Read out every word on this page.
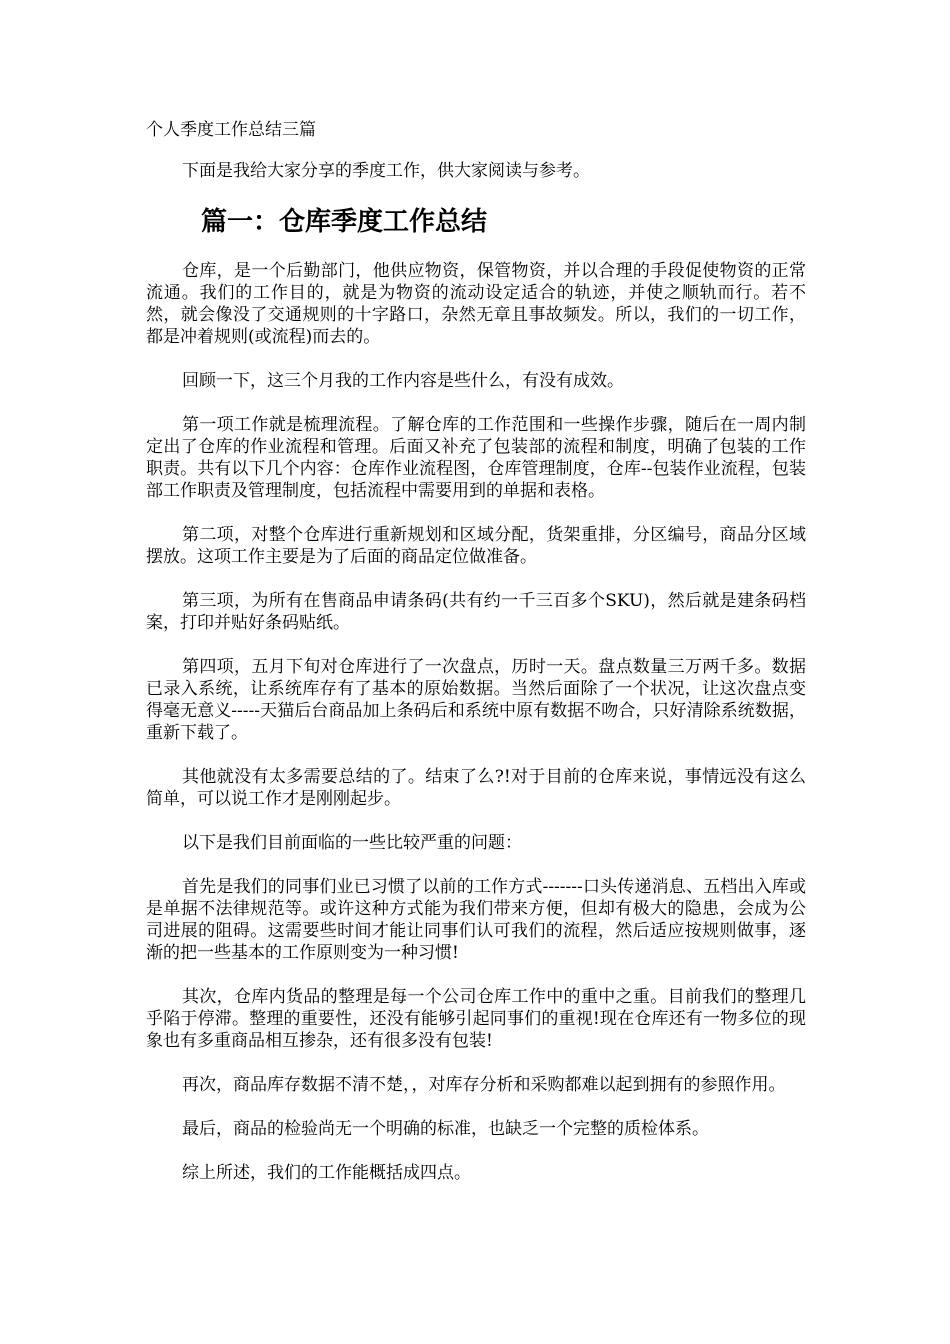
个人季度工作总结三篇

下面是我给大家分享的季度工作，供大家阅读与参考。

篇一：仓库季度工作总结

仓库，是一个后勤部门，他供应物资，保管物资，并以合理的手段促使物资的正常流通。我们的工作目的，就是为物资的流动设定适合的轨迹，并使之顺轨而行。若不然，就会像没了交通规则的十字路口，杂然无章且事故频发。所以，我们的一切工作，都是冲着规则(或流程)而去的。

回顾一下，这三个月我的工作内容是些什么，有没有成效。

第一项工作就是梳理流程。了解仓库的工作范围和一些操作步骤，随后在一周内制定出了仓库的作业流程和管理。后面又补充了包装部的流程和制度，明确了包装的工作职责。共有以下几个内容：仓库作业流程图，仓库管理制度，仓库--包装作业流程，包装部工作职责及管理制度，包括流程中需要用到的单据和表格。

第二项，对整个仓库进行重新规划和区域分配，货架重排，分区编号，商品分区域摆放。这项工作主要是为了后面的商品定位做准备。

第三项，为所有在售商品申请条码(共有约一千三百多个SKU)，然后就是建条码档案，打印并贴好条码贴纸。

第四项，五月下旬对仓库进行了一次盘点，历时一天。盘点数量三万两千多。数据已录入系统，让系统库存有了基本的原始数据。当然后面除了一个状况，让这次盘点变得毫无意义-----天猫后台商品加上条码后和系统中原有数据不吻合，只好清除系统数据，重新下载了。

其他就没有太多需要总结的了。结束了么?!对于目前的仓库来说，事情远没有这么简单，可以说工作才是刚刚起步。

以下是我们目前面临的一些比较严重的问题：

首先是我们的同事们业已习惯了以前的工作方式-------口头传递消息、五档出入库或是单据不法律规范等。或许这种方式能为我们带来方便，但却有极大的隐患，会成为公司进展的阻碍。这需要些时间才能让同事们认可我们的流程，然后适应按规则做事，逐渐的把一些基本的工作原则变为一种习惯!

其次，仓库内货品的整理是每一个公司仓库工作中的重中之重。目前我们的整理几乎陷于停滞。整理的重要性，还没有能够引起同事们的重视!现在仓库还有一物多位的现象也有多重商品相互掺杂，还有很多没有包装!

再次，商品库存数据不清不楚，，对库存分析和采购都难以起到拥有的参照作用。

最后，商品的检验尚无一个明确的标准，也缺乏一个完整的质检体系。

综上所述，我们的工作能概括成四点。
